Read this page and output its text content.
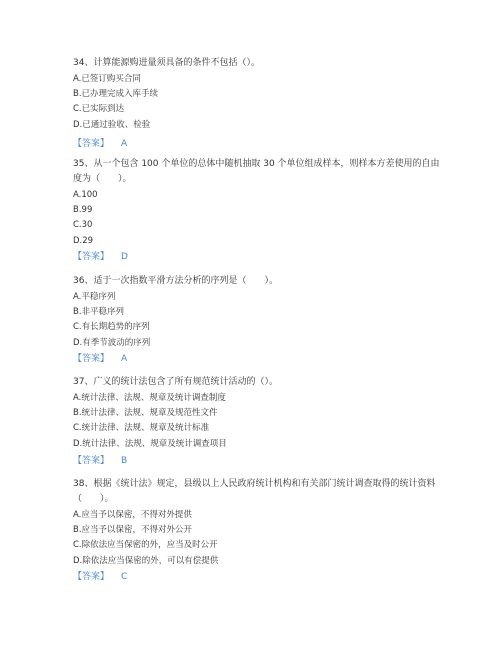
34、计算能源购进量须具备的条件不包括（）。

A.已签订购买合同

B.已办理完成入库手续

C.已实际到达

D.已通过验收、检验

【答案】 A

35、从一个包含 100 个单位的总体中随机抽取 30 个单位组成样本，则样本方差使用的自由度为（　　）。

A.100

B.99

C.30

D.29

【答案】 D

36、适于一次指数平滑方法分析的序列是（　　）。

A.平稳序列

B.非平稳序列

C.有长期趋势的序列

D.有季节波动的序列

【答案】 A

37、广义的统计法包含了所有规范统计活动的（）。

A.统计法律、法规、规章及统计调查制度

B.统计法律、法规、规章及规范性文件

C.统计法律、法规、规章及统计标准

D.统计法律、法规、规章及统计调查项目

【答案】 B

38、根据《统计法》规定，县级以上人民政府统计机构和有关部门统计调查取得的统计资料（　　）。

A.应当予以保密，不得对外提供

B.应当予以保密，不得对外公开

C.除依法应当保密的外，应当及时公开

D.除依法应当保密的外，可以有偿提供

【答案】 C
